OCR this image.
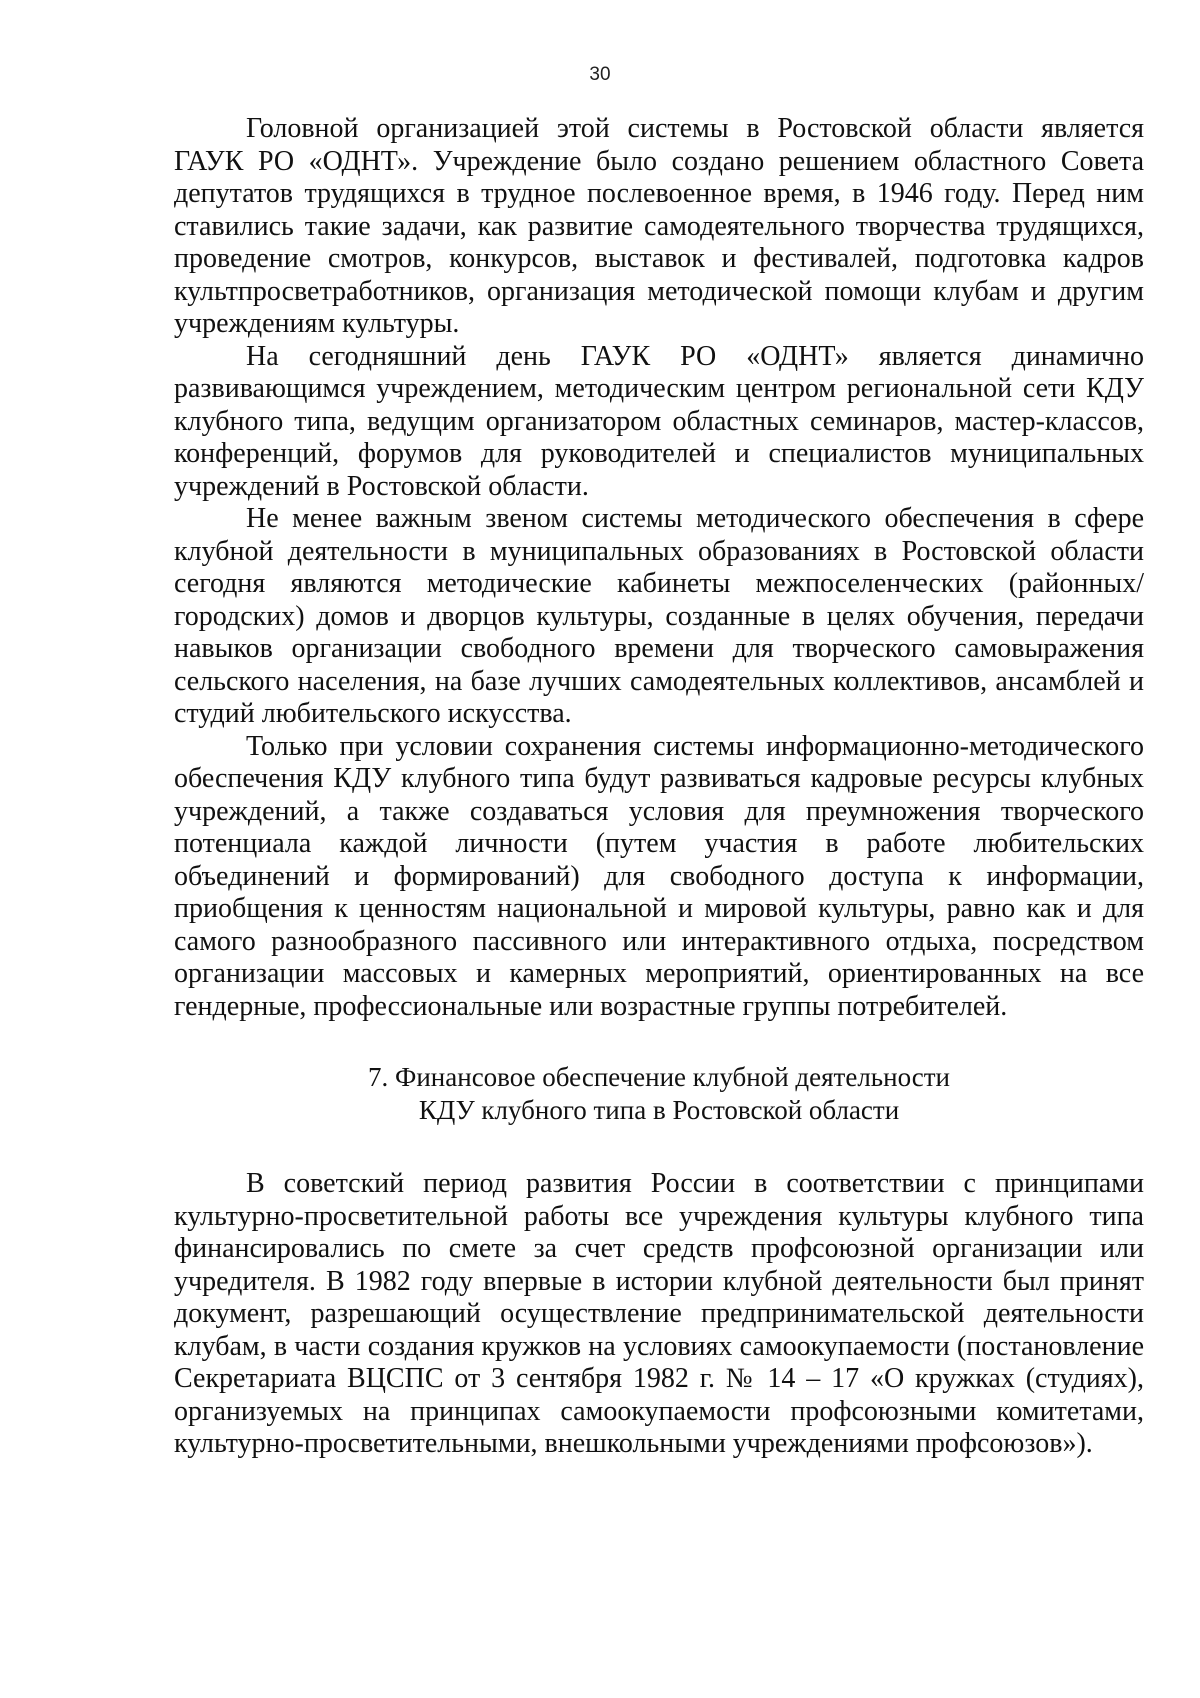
30

Головной организацией этой системы в Ростовской области является ГАУК РО «ОДНТ». Учреждение было создано решением областного Совета депутатов трудящихся в трудное послевоенное время, в 1946 году. Перед ним ставились такие задачи, как развитие самодеятельного творчества трудящихся, проведение смотров, конкурсов, выставок и фестивалей, подготовка кадров культпросветработников, организация методической помощи клубам и другим учреждениям культуры.

На сегодняшний день ГАУК РО «ОДНТ» является динамично развивающимся учреждением, методическим центром региональной сети КДУ клубного типа, ведущим организатором областных семинаров, мастер-классов, конференций, форумов для руководителей и специалистов муниципальных учреждений в Ростовской области.

Не менее важным звеном системы методического обеспечения в сфере клубной деятельности в муниципальных образованиях в Ростовской области сегодня являются методические кабинеты межпоселенческих (районных/городских) домов и дворцов культуры, созданные в целях обучения, передачи навыков организации свободного времени для творческого самовыражения сельского населения, на базе лучших самодеятельных коллективов, ансамблей и студий любительского искусства.

Только при условии сохранения системы информационно-методического обеспечения КДУ клубного типа будут развиваться кадровые ресурсы клубных учреждений, а также создаваться условия для преумножения творческого потенциала каждой личности (путем участия в работе любительских объединений и формирований) для свободного доступа к информации, приобщения к ценностям национальной и мировой культуры, равно как и для самого разнообразного пассивного или интерактивного отдыха, посредством организации массовых и камерных мероприятий, ориентированных на все гендерные, профессиональные или возрастные группы потребителей.

7. Финансовое обеспечение клубной деятельности
КДУ клубного типа в Ростовской области

В советский период развития России в соответствии с принципами культурно-просветительной работы все учреждения культуры клубного типа финансировались по смете за счет средств профсоюзной организации или учредителя. В 1982 году впервые в истории клубной деятельности был принят документ, разрешающий осуществление предпринимательской деятельности клубам, в части создания кружков на условиях самоокупаемости (постановление Секретариата ВЦСПС от 3 сентября 1982 г. № 14 – 17 «О кружках (студиях), организуемых на принципах самоокупаемости профсоюзными комитетами, культурно-просветительными, внешкольными учреждениями профсоюзов»).
